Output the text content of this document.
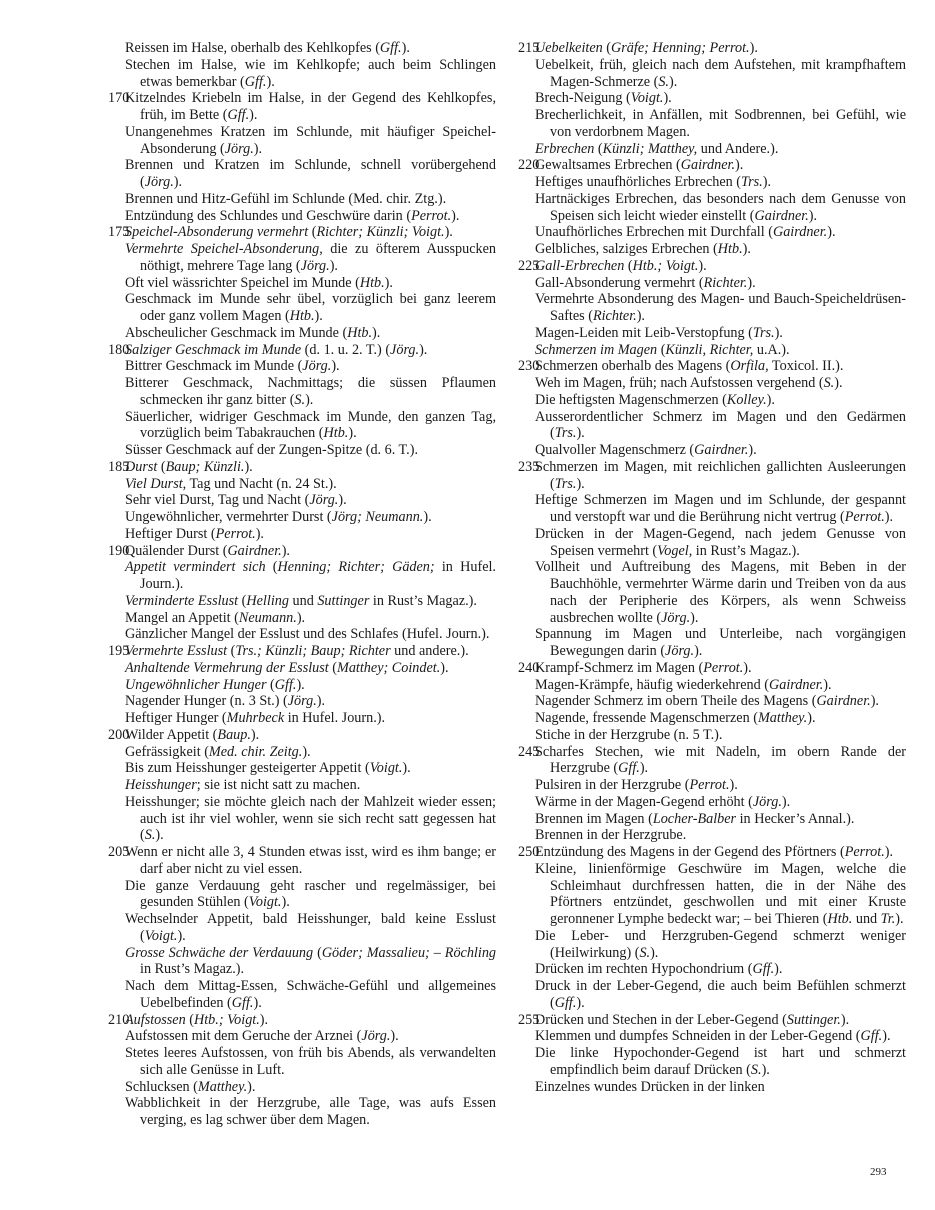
Reissen im Halse, oberhalb des Kehlkopfes (Gff.).
Stechen im Halse, wie im Kehlkopfe; auch beim Schlingen etwas bemerkbar (Gff.).
170
Kitzelndes Kriebeln im Halse, in der Gegend des Kehlkopfes, früh, im Bette (Gff.).
Unangenehmes Kratzen im Schlunde, mit häufiger Speichel-Absonderung (Jörg.).
Brennen und Kratzen im Schlunde, schnell vorübergehend (Jörg.).
Brennen und Hitz-Gefühl im Schlunde (Med. chir. Ztg.).
Entzündung des Schlundes und Geschwüre darin (Perrot.).
175
Speichel-Absonderung vermehrt (Richter; Künzli; Voigt.).
Vermehrte Speichel-Absonderung, die zu öfterem Ausspucken nöthigt, mehrere Tage lang (Jörg.).
Oft viel wässrichter Speichel im Munde (Htb.).
Geschmack im Munde sehr übel, vorzüglich bei ganz leerem oder ganz vollem Magen (Htb.).
Abscheulicher Geschmack im Munde (Htb.).
180
Salziger Geschmack im Munde (d. 1. u. 2. T.) (Jörg.).
Bittrer Geschmack im Munde (Jörg.).
Bitterer Geschmack, Nachmittags; die süssen Pflaumen schmecken ihr ganz bitter (S.).
Säuerlicher, widriger Geschmack im Munde, den ganzen Tag, vorzüglich beim Tabakrauchen (Htb.).
Süsser Geschmack auf der Zungen-Spitze (d. 6. T.).
185
Durst (Baup; Künzli.).
Viel Durst, Tag und Nacht (n. 24 St.).
Sehr viel Durst, Tag und Nacht (Jörg.).
Ungewöhnlicher, vermehrter Durst (Jörg; Neumann.).
Heftiger Durst (Perrot.).
190
Quälender Durst (Gairdner.).
Appetit vermindert sich (Henning; Richter; Gäden; in Hufel. Journ.).
Verminderte Esslust (Helling und Suttinger in Rust’s Magaz.).
Mangel an Appetit (Neumann.).
Gänzlicher Mangel der Esslust und des Schlafes (Hufel. Journ.).
195
Vermehrte Esslust (Trs.; Künzli; Baup; Richter und andere.).
Anhaltende Vermehrung der Esslust (Matthey; Coindet.).
Ungewöhnlicher Hunger (Gff.).
Nagender Hunger (n. 3 St.) (Jörg.).
Heftiger Hunger (Muhrbeck in Hufel. Journ.).
200
Wilder Appetit (Baup.).
Gefrässigkeit (Med. chir. Zeitg.).
Bis zum Heisshunger gesteigerter Appetit (Voigt.).
Heisshunger; sie ist nicht satt zu machen.
Heisshunger; sie möchte gleich nach der Mahlzeit wieder essen; auch ist ihr viel wohler, wenn sie sich recht satt gegessen hat (S.).
205
Wenn er nicht alle 3, 4 Stunden etwas isst, wird es ihm bange; er darf aber nicht zu viel essen.
Die ganze Verdauung geht rascher und regelmässiger, bei gesunden Stühlen (Voigt.).
Wechselnder Appetit, bald Heisshunger, bald keine Esslust (Voigt.).
Grosse Schwäche der Verdauung (Göder; Massalieu; – Röchling in Rust’s Magaz.).
Nach dem Mittag-Essen, Schwäche-Gefühl und allgemeines Uebelbefinden (Gff.).
210
Aufstossen (Htb.; Voigt.).
Aufstossen mit dem Geruche der Arznei (Jörg.).
Stetes leeres Aufstossen, von früh bis Abends, als verwandelten sich alle Genüsse in Luft.
Schlucksen (Matthey.).
Wabblichkeit in der Herzgrube, alle Tage, was aufs Essen verging, es lag schwer über dem Magen.
215
Uebelkeiten (Gräfe; Henning; Perrot.).
Uebelkeit, früh, gleich nach dem Aufstehen, mit krampfhaftem Magen-Schmerze (S.).
Brech-Neigung (Voigt.).
Brecherlichkeit, in Anfällen, mit Sodbrennen, bei Gefühl, wie von verdorbnem Magen.
Erbrechen (Künzli; Matthey, und Andere.).
220
Gewaltsames Erbrechen (Gairdner.).
Heftiges unaufhörliches Erbrechen (Trs.).
Hartnäckiges Erbrechen, das besonders nach dem Genusse von Speisen sich leicht wieder einstellt (Gairdner.).
Unaufhörliches Erbrechen mit Durchfall (Gairdner.).
Gelbliches, salziges Erbrechen (Htb.).
225
Gall-Erbrechen (Htb.; Voigt.).
Gall-Absonderung vermehrt (Richter.).
Vermehrte Absonderung des Magen- und Bauch-Speicheldrüsen-Saftes (Richter.).
Magen-Leiden mit Leib-Verstopfung (Trs.).
Schmerzen im Magen (Künzli, Richter, u.A.).
230
Schmerzen oberhalb des Magens (Orfila, Toxicol. II.).
Weh im Magen, früh; nach Aufstossen vergehend (S.).
Die heftigsten Magenschmerzen (Kolley.).
Ausserordentlicher Schmerz im Magen und den Gedärmen (Trs.).
Qualvoller Magenschmerz (Gairdner.).
235
Schmerzen im Magen, mit reichlichen gallichten Ausleerungen (Trs.).
Heftige Schmerzen im Magen und im Schlunde, der gespannt und verstopft war und die Berührung nicht vertrug (Perrot.).
Drücken in der Magen-Gegend, nach jedem Genusse von Speisen vermehrt (Vogel, in Rust’s Magaz.).
Vollheit und Auftreibung des Magens, mit Beben in der Bauchhöhle, vermehrter Wärme darin und Treiben von da aus nach der Peripherie des Körpers, als wenn Schweiss ausbrechen wollte (Jörg.).
Spannung im Magen und Unterleibe, nach vorgängigen Bewegungen darin (Jörg.).
240
Krampf-Schmerz im Magen (Perrot.).
Magen-Krämpfe, häufig wiederkehrend (Gairdner.).
Nagender Schmerz im obern Theile des Magens (Gairdner.).
Nagende, fressende Magenschmerzen (Matthey.).
Stiche in der Herzgrube (n. 5 T.).
245
Scharfes Stechen, wie mit Nadeln, im obern Rande der Herzgrube (Gff.).
Pulsiren in der Herzgrube (Perrot.).
Wärme in der Magen-Gegend erhöht (Jörg.).
Brennen im Magen (Locher-Balber in Hecker’s Annal.).
Brennen in der Herzgrube.
250
Entzündung des Magens in der Gegend des Pförtners (Perrot.).
Kleine, linienförmige Geschwüre im Magen, welche die Schleimhaut durchfressen hatten, die in der Nähe des Pförtners entzündet, geschwollen und mit einer Kruste geronnener Lymphe bedeckt war; – bei Thieren (Htb. und Tr.).
Die Leber- und Herzgruben-Gegend schmerzt weniger (Heilwirkung) (S.).
Drücken im rechten Hypochondrium (Gff.).
Druck in der Leber-Gegend, die auch beim Befühlen schmerzt (Gff.).
255
Drücken und Stechen in der Leber-Gegend (Suttinger.).
Klemmen und dumpfes Schneiden in der Leber-Gegend (Gff.).
Die linke Hypochonder-Gegend ist hart und schmerzt empfindlich beim darauf Drücken (S.).
Einzelnes wundes Drücken in der linken
293
